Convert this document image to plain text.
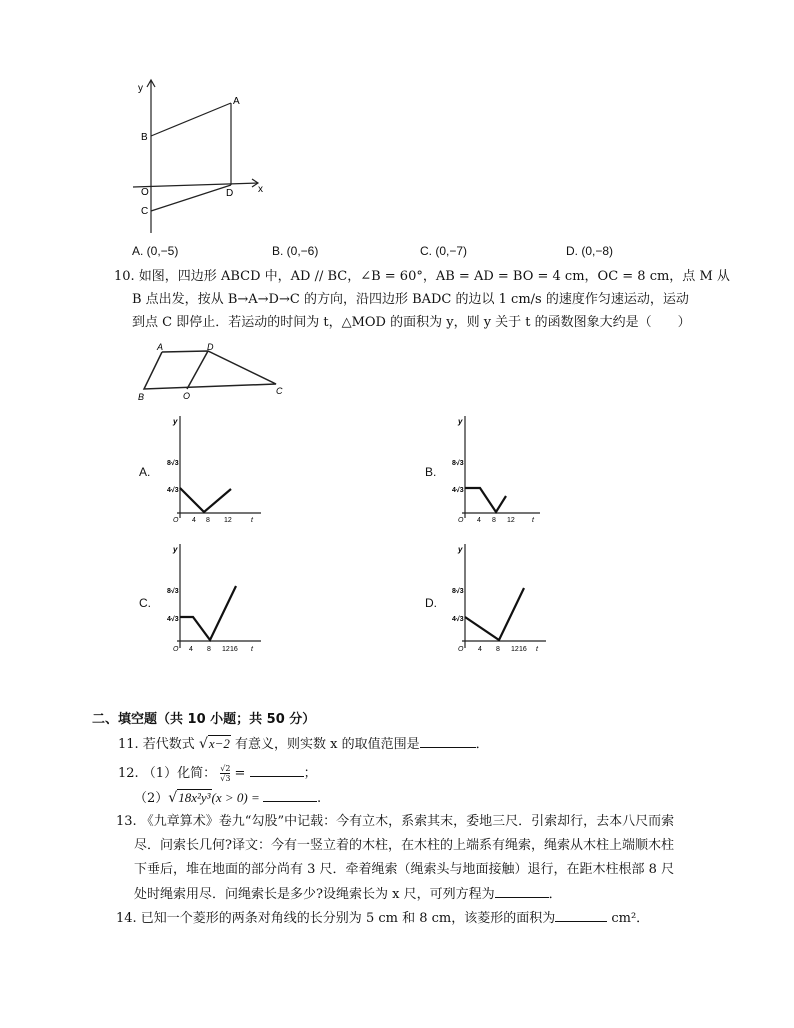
y
x
O
A
B
C
D
A. (0,−5)	B. (0,−6)	C. (0,−7)	D. (0,−8)
10. 如图，四边形 ABCD 中，AD // BC，∠B = 60°，AB = AD = BO = 4 cm，OC = 8 cm，点 M 从
B 点出发，按从 B→A→D→C 的方向，沿四边形 BADC 的边以 1 cm/s 的速度作匀速运动，运动
到点 C 即停止．若运动的时间为 t，△MOD 的面积为 y，则 y 关于 t 的函数图象大约是（　　）
A	D
B	O	C
A.
y
8√3
4√3
O 4 8 12	t
B.
y
8√3
4√3
O 4 8 12 t
C.
y
8√3
4√3
O 4 8 12 16 t
D.
y
8√3
4√3
O 4 8 12 16 t
二、填空题（共 10 小题；共 50 分）
11. 若代数式 √x−2 有意义，则实数 x 的取值范围是	．
12. （1）化简： $\frac{√2}{√3}$ =	；
（2）√18x²y³(x > 0) =	.
13. 《九章算术》卷九“勾股”中记载：今有立木，系索其末，委地三尺．引索却行，去本八尺而索
尽．问索长几何?译文：今有一竖立着的木柱，在木柱的上端系有绳索，绳索从木柱上端顺木柱
下垂后，堆在地面的部分尚有 3 尺．牵着绳索（绳索头与地面接触）退行，在距木柱根部 8 尺
处时绳索用尽．问绳索长是多少?设绳索长为 x 尺，可列方程为	．
14. 已知一个菱形的两条对角线的长分别为 5 cm 和 8 cm，该菱形的面积为	cm²．
